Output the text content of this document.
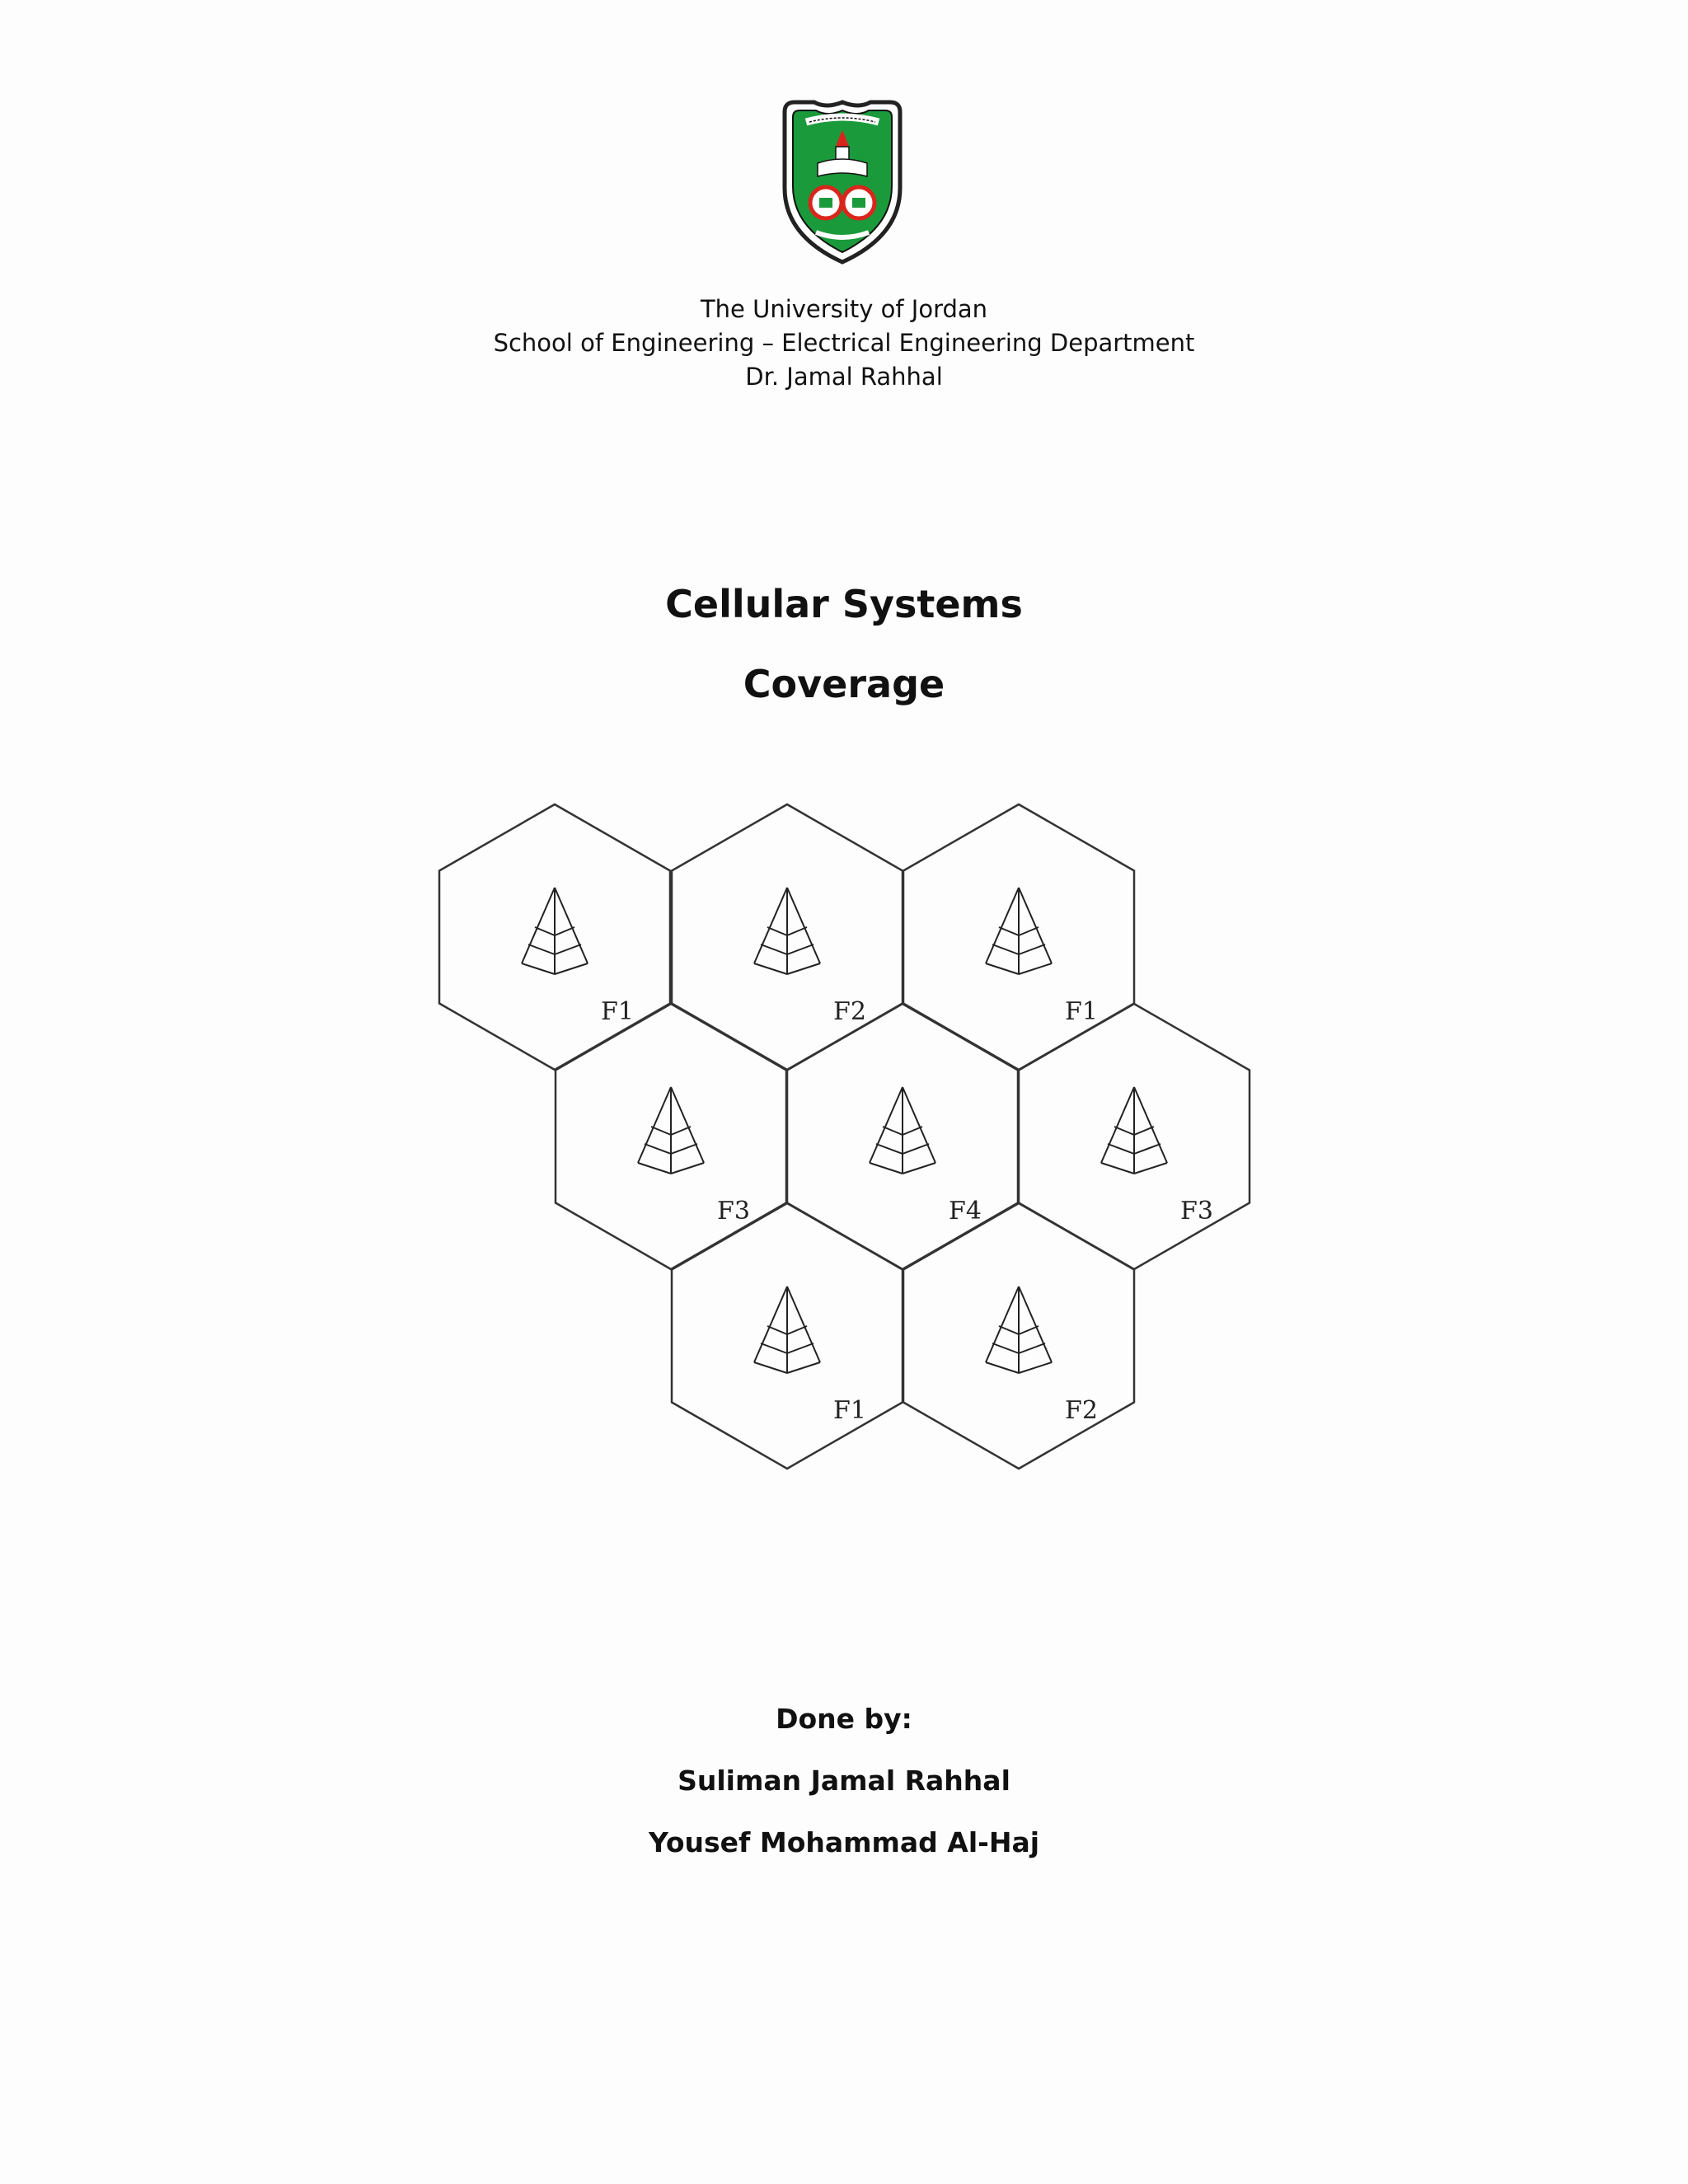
The University of Jordan
School of Engineering – Electrical Engineering Department
Dr. Jamal Rahhal
Cellular Systems
Coverage
F1	F2	F1
F3	F4	F3
F1	F2
Done by:
Suliman Jamal Rahhal
Yousef Mohammad Al-Haj
